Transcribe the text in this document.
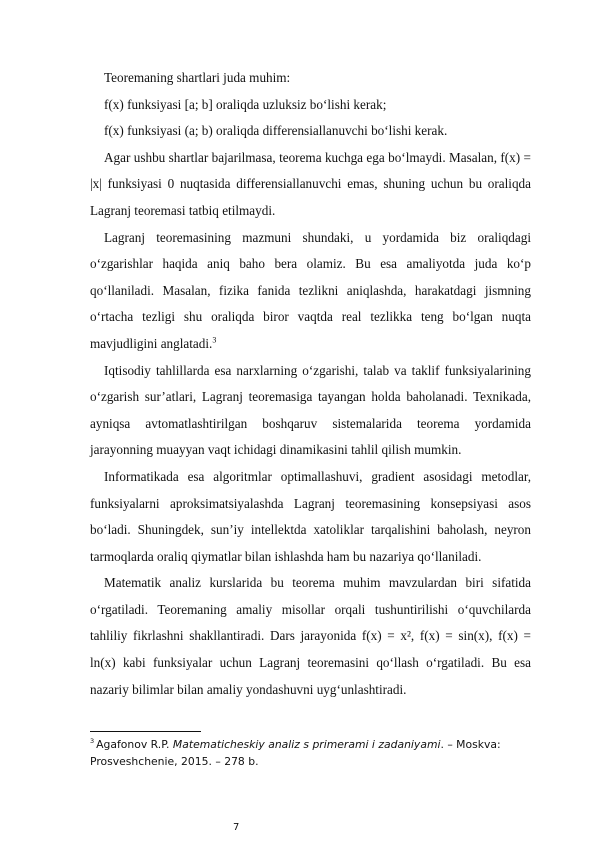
Teoremaning shartlari juda muhim:

f(x) funksiyasi [a; b] oraliqda uzluksiz bo‘lishi kerak;

f(x) funksiyasi (a; b) oraliqda differensiallanuvchi bo‘lishi kerak.

Agar ushbu shartlar bajarilmasa, teorema kuchga ega bo‘lmaydi. Masalan, f(x) = |x| funksiyasi 0 nuqtasida differensiallanuvchi emas, shuning uchun bu oraliqda Lagranj teoremasi tatbiq etilmaydi.

Lagranj teoremasining mazmuni shundaki, u yordamida biz oraliqdagi o‘zgarishlar haqida aniq baho bera olamiz. Bu esa amaliyotda juda ko‘p qo‘llaniladi. Masalan, fizika fanida tezlikni aniqlashda, harakatdagi jismning o‘rtacha tezligi shu oraliqda biror vaqtda real tezlikka teng bo‘lgan nuqta mavjudligini anglatadi.$^3$

Iqtisodiy tahlillarda esa narxlarning o‘zgarishi, talab va taklif funksiyalarining o‘zgarish sur’atlari, Lagranj teoremasiga tayangan holda baholanadi. Texnikada, ayniqsa avtomatlashtirilgan boshqaruv sistemalarida teorema yordamida jarayonning muayyan vaqt ichidagi dinamikasini tahlil qilish mumkin.

Informatikada esa algoritmlar optimallashuvi, gradient asosidagi metodlar, funksiyalarni aproksimatsiyalashda Lagranj teoremasining konsepsiyasi asos bo‘ladi. Shuningdek, sun’iy intellektda xatoliklar tarqalishini baholash, neyron tarmoqlarda oraliq qiymatlar bilan ishlashda ham bu nazariya qo‘llaniladi.

Matematik analiz kurslarida bu teorema muhim mavzulardan biri sifatida o‘rgatiladi. Teoremaning amaliy misollar orqali tushuntirilishi o‘quvchilarda tahliliy fikrlashni shakllantiradi. Dars jarayonida f(x) = x², f(x) = sin(x), f(x) = ln(x) kabi funksiyalar uchun Lagranj teoremasini qo‘llash o‘rgatiladi. Bu esa nazariy bilimlar bilan amaliy yondashuvni uyg‘unlashtiradi.

$^3$ Agafonov R.P. Matematicheskiy analiz s primerami i zadaniyami. – Moskva: Prosveshchenie, 2015. – 278 b.
7
